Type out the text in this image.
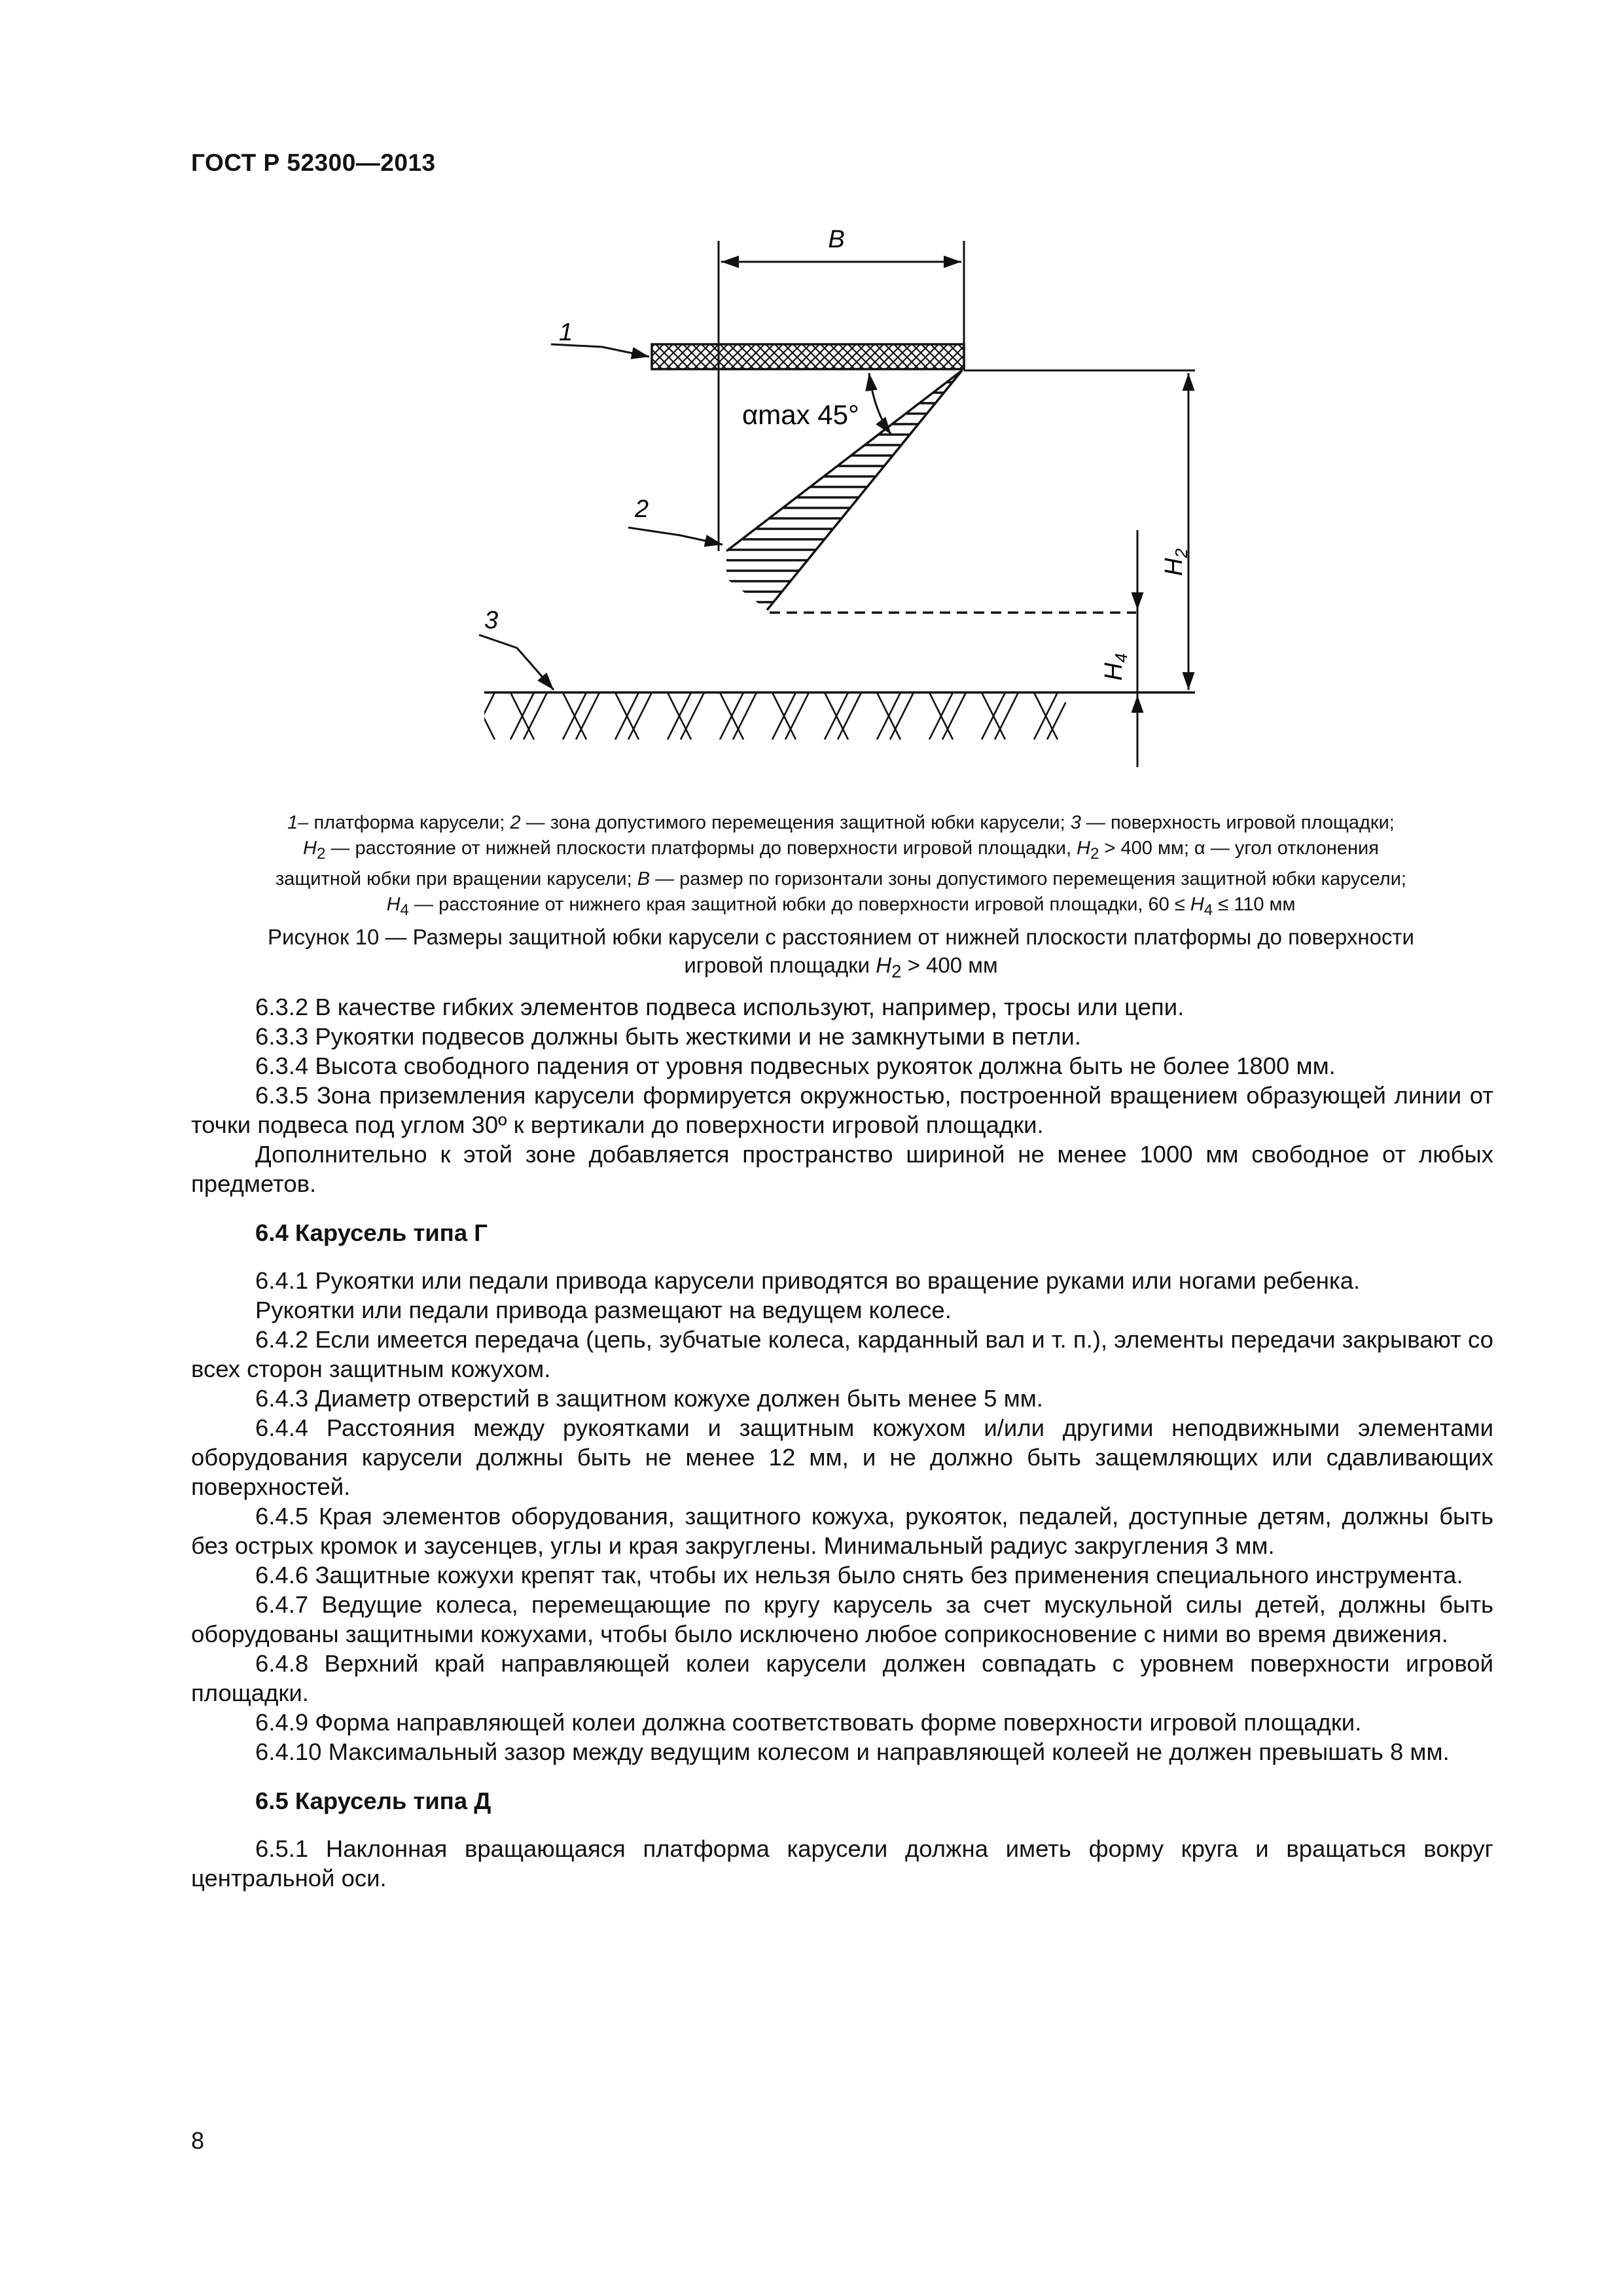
ГОСТ Р 52300—2013
B
1
2
αmax 45°
$H_2$
$H_4$
3
1– платформа карусели; 2 — зона допустимого перемещения защитной юбки карусели; 3 — поверхность игровой площадки;
$H_2$ — расстояние от нижней плоскости платформы до поверхности игровой площадки, $H_2 > 400$ мм; α — угол отклонения
защитной юбки при вращении карусели; B — размер по горизонтали зоны допустимого перемещения защитной юбки карусели;
$H_4$ — расстояние от нижнего края защитной юбки до поверхности игровой площадки, $60 \le H_4 \le 110$ мм
Рисунок 10 — Размеры защитной юбки карусели с расстоянием от нижней плоскости платформы до поверхности
игровой площадки $H_2 > 400$ мм

6.3.2 В качестве гибких элементов подвеса используют, например, тросы или цепи.

6.3.3 Рукоятки подвесов должны быть жесткими и не замкнутыми в петли.

6.3.4 Высота свободного падения от уровня подвесных рукояток должна быть не более 1800 мм.

6.3.5 Зона приземления карусели формируется окружностью, построенной вращением образующей линии от точки подвеса под углом 30º к вертикали до поверхности игровой площадки.

Дополнительно к этой зоне добавляется пространство шириной не менее 1000 мм свободное от любых предметов.

6.4 Карусель типа Г

6.4.1 Рукоятки или педали привода карусели приводятся во вращение руками или ногами ребенка.

Рукоятки или педали привода размещают на ведущем колесе.

6.4.2 Если имеется передача (цепь, зубчатые колеса, карданный вал и т. п.), элементы передачи закрывают со всех сторон защитным кожухом.

6.4.3 Диаметр отверстий в защитном кожухе должен быть менее 5 мм.

6.4.4 Расстояния между рукоятками и защитным кожухом и/или другими неподвижными элементами оборудования карусели должны быть не менее 12 мм, и не должно быть защемляющих или сдавливающих поверхностей.

6.4.5 Края элементов оборудования, защитного кожуха, рукояток, педалей, доступные детям, должны быть без острых кромок и заусенцев, углы и края закруглены. Минимальный радиус закругления 3 мм.

6.4.6 Защитные кожухи крепят так, чтобы их нельзя было снять без применения специального инструмента.

6.4.7 Ведущие колеса, перемещающие по кругу карусель за счет мускульной силы детей, должны быть оборудованы защитными кожухами, чтобы было исключено любое соприкосновение с ними во время движения.

6.4.8 Верхний край направляющей колеи карусели должен совпадать с уровнем поверхности игровой площадки.

6.4.9 Форма направляющей колеи должна соответствовать форме поверхности игровой площадки.

6.4.10 Максимальный зазор между ведущим колесом и направляющей колеей не должен превышать 8 мм.

6.5 Карусель типа Д

6.5.1 Наклонная вращающаяся платформа карусели должна иметь форму круга и вращаться вокруг центральной оси.

8
